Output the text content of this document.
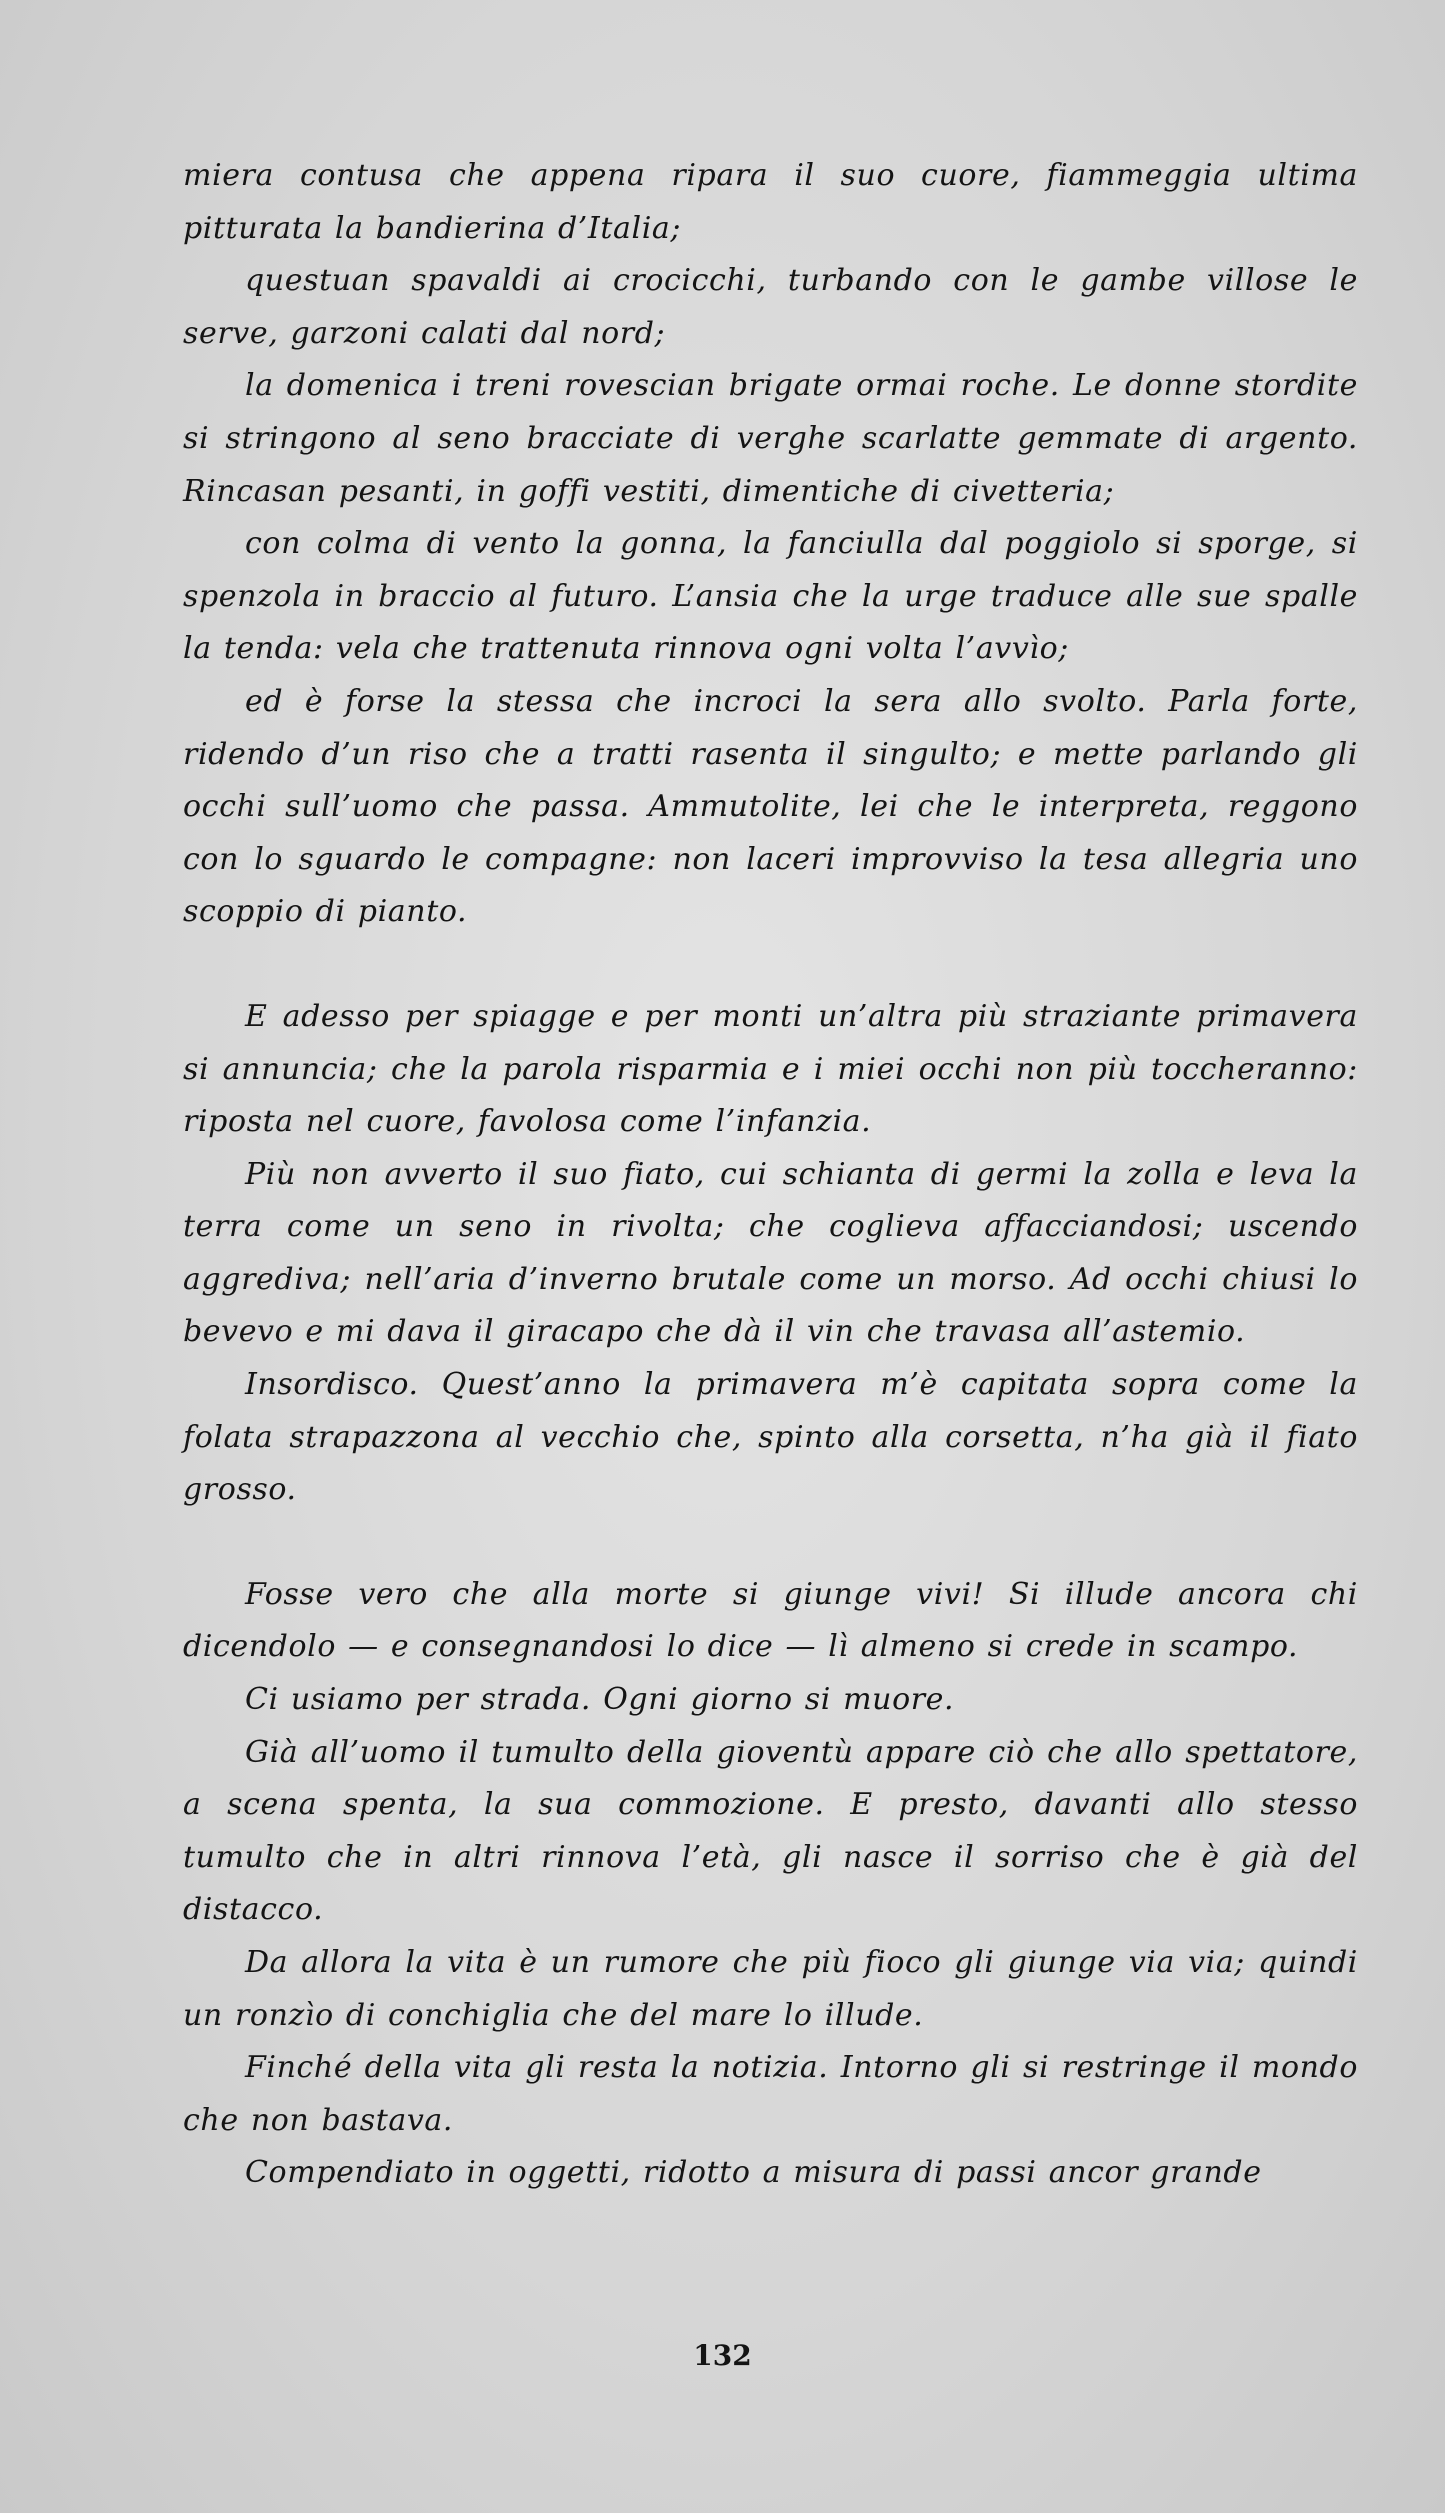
miera contusa che appena ripara il suo cuore, fiammeggia ultima pitturata la bandierina d’Italia;

questuan spavaldi ai crocicchi, turbando con le gambe villose le serve, garzoni calati dal nord;

la domenica i treni rovescian brigate ormai roche. Le donne stordite si stringono al seno bracciate di verghe scarlatte gemmate di argento. Rincasan pesanti, in goffi vestiti, dimentiche di civetteria;

con colma di vento la gonna, la fanciulla dal poggiolo si sporge, si spenzola in braccio al futuro. L’ansia che la urge traduce alle sue spalle la tenda: vela che trattenuta rinnova ogni volta l’avvìo;

ed è forse la stessa che incroci la sera allo svolto. Parla forte, ridendo d’un riso che a tratti rasenta il singulto; e mette parlando gli occhi sull’uomo che passa. Ammutolite, lei che le interpreta, reggono con lo sguardo le compagne: non laceri improvviso la tesa allegria uno scoppio di pianto.

E adesso per spiagge e per monti un’altra più straziante primavera si annuncia; che la parola risparmia e i miei occhi non più toccheranno: riposta nel cuore, favolosa come l’infanzia.

Più non avverto il suo fiato, cui schianta di germi la zolla e leva la terra come un seno in rivolta; che coglieva affacciandosi; uscendo aggrediva; nell’aria d’inverno brutale come un morso. Ad occhi chiusi lo bevevo e mi dava il giracapo che dà il vin che travasa all’astemio.

Insordisco. Quest’anno la primavera m’è capitata sopra come la folata strapazzona al vecchio che, spinto alla corsetta, n’ha già il fiato grosso.

Fosse vero che alla morte si giunge vivi! Si illude ancora chi dicendolo — e consegnandosi lo dice — lì almeno si crede in scampo.

Ci usiamo per strada. Ogni giorno si muore.

Già all’uomo il tumulto della gioventù appare ciò che allo spettatore, a scena spenta, la sua commozione. E presto, davanti allo stesso tumulto che in altri rinnova l’età, gli nasce il sorriso che è già del distacco.

Da allora la vita è un rumore che più fioco gli giunge via via; quindi un ronzìo di conchiglia che del mare lo illude.

Finché della vita gli resta la notizia. Intorno gli si restringe il mondo che non bastava.

Compendiato in oggetti, ridotto a misura di passi ancor grande

132
